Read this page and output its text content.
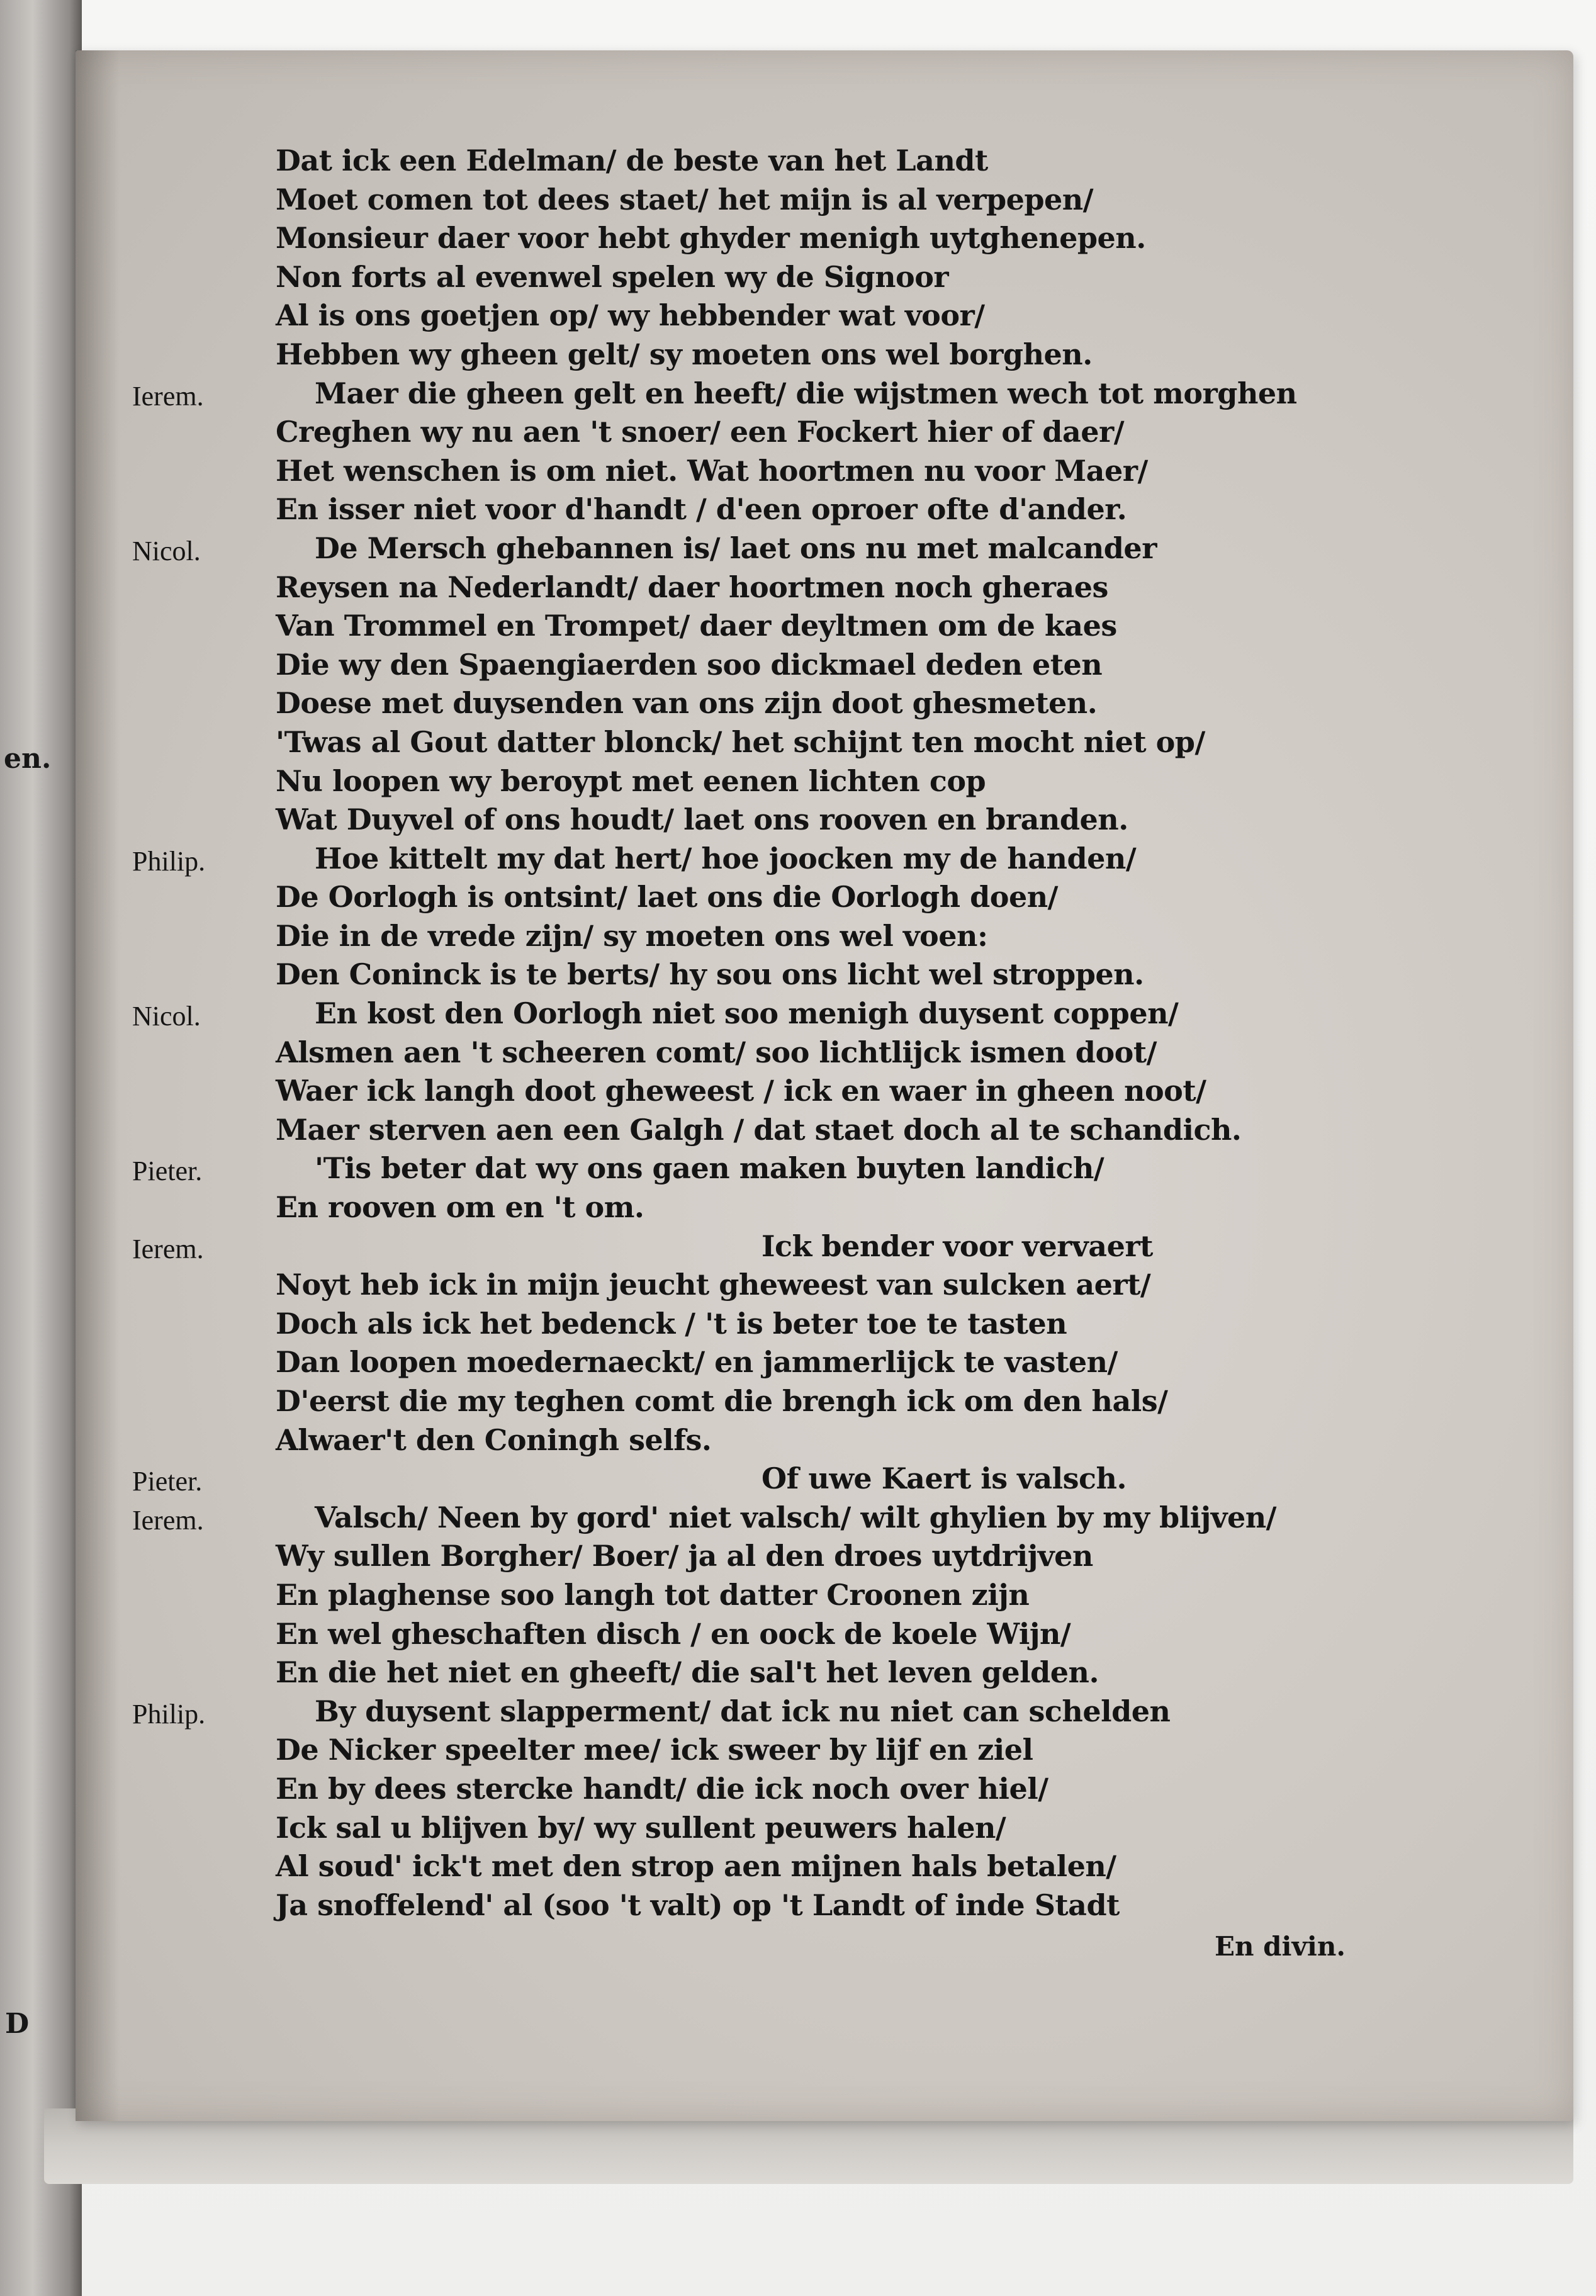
en.
D
Dat ick een Edelman/ de beste van het Landt
Moet comen tot dees staet/ het mijn is al verpepen/
Monsieur daer voor hebt ghyder menigh uytghenepen.
Non forts al evenwel spelen wy de Signoor
Al is ons goetjen op/ wy hebbender wat voor/
Hebben wy gheen gelt/ sy moeten ons wel borghen.
Ierem.	Maer die gheen gelt en heeft/ die wijstmen wech tot morghen
Creghen wy nu aen 't snoer/ een Fockert hier of daer/
Het wenschen is om niet. Wat hoortmen nu voor Maer/
En isser niet voor d'handt / d'een oproer ofte d'ander.
Nicol.	De Mersch ghebannen is/ laet ons nu met malcander
Reysen na Nederlandt/ daer hoortmen noch gheraes
Van Trommel en Trompet/ daer deyltmen om de kaes
Die wy den Spaengiaerden soo dickmael deden eten
Doese met duysenden van ons zijn doot ghesmeten.
'Twas al Gout datter blonck/ het schijnt ten mocht niet op/
Nu loopen wy beroypt met eenen lichten cop
Wat Duyvel of ons houdt/ laet ons rooven en branden.
Philip.	Hoe kittelt my dat hert/ hoe joocken my de handen/
De Oorlogh is ontsint/ laet ons die Oorlogh doen/
Die in de vrede zijn/ sy moeten ons wel voen:
Den Coninck is te berts/ hy sou ons licht wel stroppen.
Nicol.	En kost den Oorlogh niet soo menigh duysent coppen/
Alsmen aen 't scheeren comt/ soo lichtlijck ismen doot/
Waer ick langh doot gheweest / ick en waer in gheen noot/
Maer sterven aen een Galgh / dat staet doch al te schandich.
Pieter.	'Tis beter dat wy ons gaen maken buyten landich/
En rooven om en 't om.
Ierem.	Ick bender voor vervaert
Noyt heb ick in mijn jeucht gheweest van sulcken aert/
Doch als ick het bedenck / 't is beter toe te tasten
Dan loopen moedernaeckt/ en jammerlijck te vasten/
D'eerst die my teghen comt die brengh ick om den hals/
Alwaer't den Coningh selfs.
Pieter.	Of uwe Kaert is valsch.
Ierem.	Valsch/ Neen by gord' niet valsch/ wilt ghylien by my blijven/
Wy sullen Borgher/ Boer/ ja al den droes uytdrijven
En plaghense soo langh tot datter Croonen zijn
En wel gheschaften disch / en oock de koele Wijn/
En die het niet en gheeft/ die sal't het leven gelden.
Philip.	By duysent slapperment/ dat ick nu niet can schelden
De Nicker speelter mee/ ick sweer by lijf en ziel
En by dees stercke handt/ die ick noch over hiel/
Ick sal u blijven by/ wy sullent peuwers halen/
Al soud' ick't met den strop aen mijnen hals betalen/
Ja snoffelend' al (soo 't valt) op 't Landt of inde Stadt
En divin.
